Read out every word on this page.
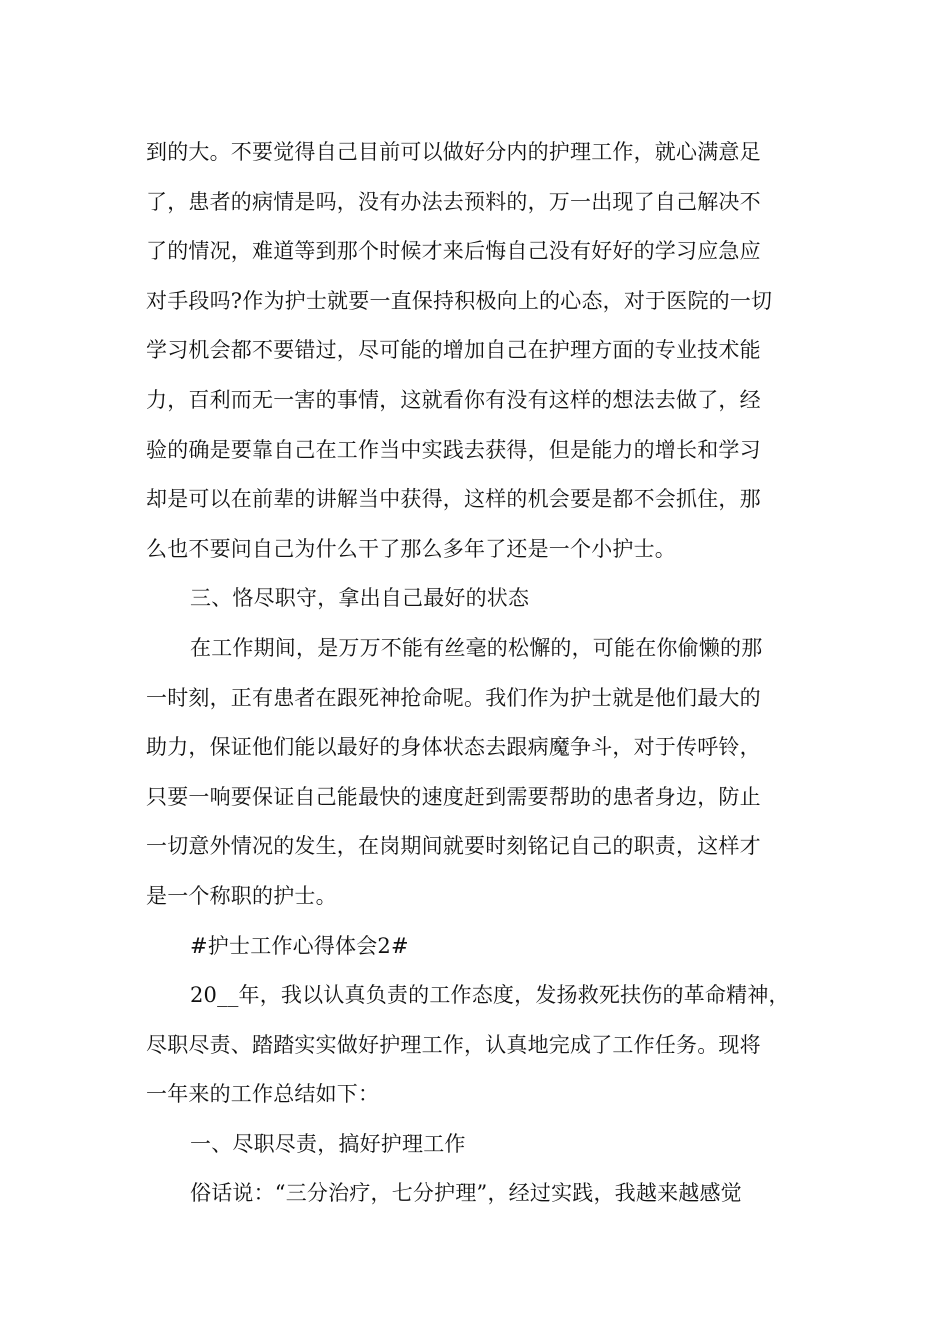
到的大。不要觉得自己目前可以做好分内的护理工作，就心满意足
了，患者的病情是吗，没有办法去预料的，万一出现了自己解决不
了的情况，难道等到那个时候才来后悔自己没有好好的学习应急应
对手段吗?作为护士就要一直保持积极向上的心态，对于医院的一切
学习机会都不要错过，尽可能的增加自己在护理方面的专业技术能
力，百利而无一害的事情，这就看你有没有这样的想法去做了，经
验的确是要靠自己在工作当中实践去获得，但是能力的增长和学习
却是可以在前辈的讲解当中获得，这样的机会要是都不会抓住，那
么也不要问自己为什么干了那么多年了还是一个小护士。
三、恪尽职守，拿出自己最好的状态
在工作期间，是万万不能有丝毫的松懈的，可能在你偷懒的那
一时刻，正有患者在跟死神抢命呢。我们作为护士就是他们最大的
助力，保证他们能以最好的身体状态去跟病魔争斗，对于传呼铃，
只要一响要保证自己能最快的速度赶到需要帮助的患者身边，防止
一切意外情况的发生，在岗期间就要时刻铭记自己的职责，这样才
是一个称职的护士。
#护士工作心得体会2#
20__年，我以认真负责的工作态度，发扬救死扶伤的革命精神，
尽职尽责、踏踏实实做好护理工作，认真地完成了工作任务。现将
一年来的工作总结如下：
一、尽职尽责，搞好护理工作
俗话说：“三分治疗，七分护理”，经过实践，我越来越感觉
